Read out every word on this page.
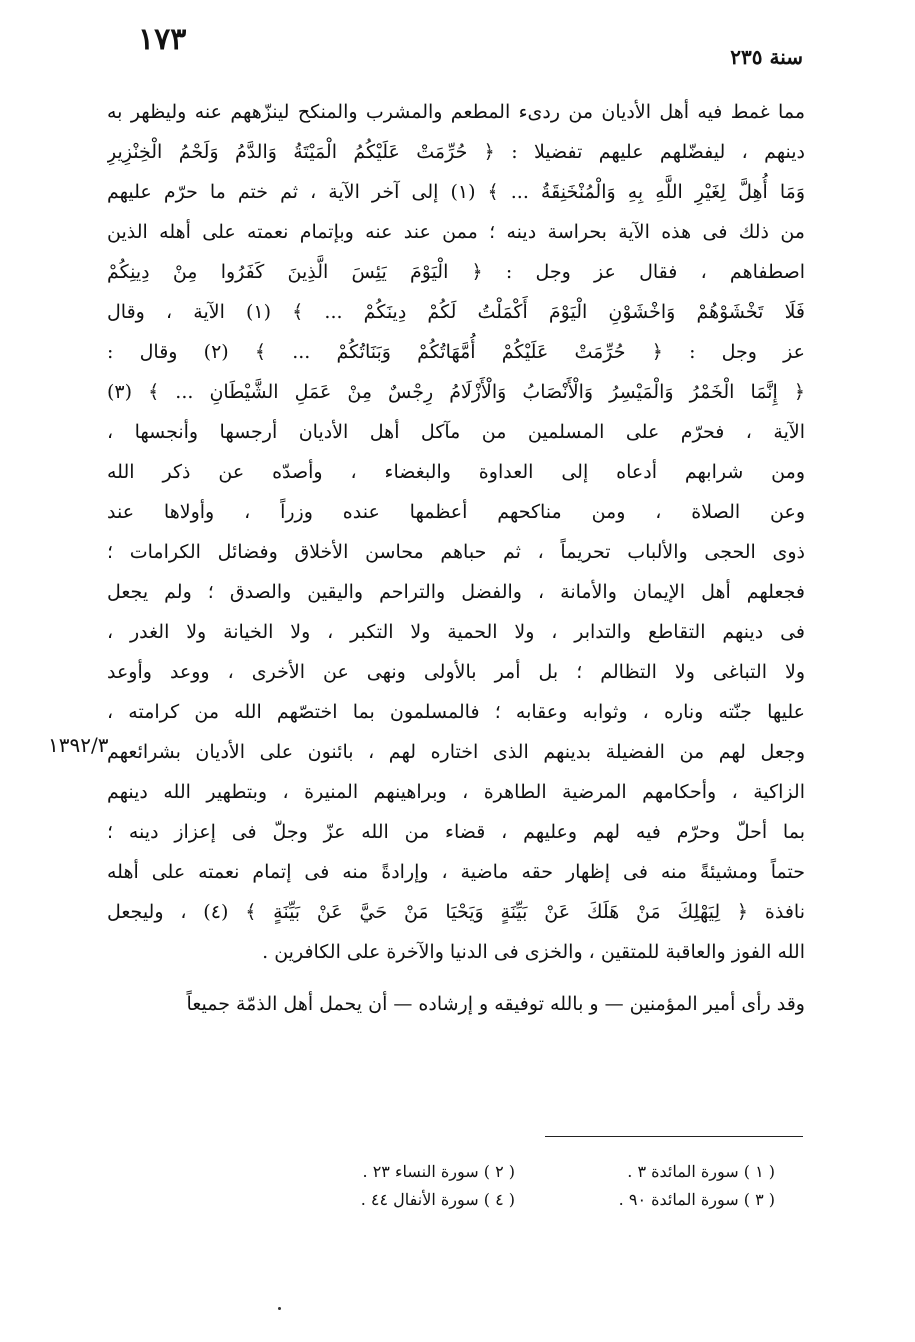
١٧٣	سنة ٢٣٥
١٣٩٢/٣
مما غمط فيه أهل الأديان من ردىء المطعم والمشرب والمنكح لينزّههم عنه وليظهر به
دينهم ، ليفضّلهم عليهم تفضيلا : ﴿ حُرِّمَتْ عَلَيْكُمُ الْمَيْتَةُ وَالدَّمُ وَلَحْمُ الْخِنْزِيرِ
وَمَا أُهِلَّ لِغَيْرِ اللَّهِ بِهِ وَالْمُنْخَنِقَةُ ... ﴾ (١) إلى آخر الآية ، ثم ختم ما حرّم عليهم
من ذلك فى هذه الآية بحراسة دينه ؛ ممن عند عنه وبإتمام نعمته على أهله الذين
اصطفاهم ، فقال عز وجل : ﴿ الْيَوْمَ يَئِسَ الَّذِينَ كَفَرُوا مِنْ دِينِكُمْ
فَلَا تَخْشَوْهُمْ وَاخْشَوْنِ الْيَوْمَ أَكْمَلْتُ لَكُمْ دِينَكُمْ ... ﴾ (١) الآية ، وقال
عز وجل : ﴿ حُرِّمَتْ عَلَيْكُمْ أُمَّهَاتُكُمْ وَبَنَاتُكُمْ ... ﴾ (٢) وقال :
﴿ إِنَّمَا الْخَمْرُ وَالْمَيْسِرُ وَالْأَنْصَابُ وَالْأَزْلَامُ رِجْسٌ مِنْ عَمَلِ الشَّيْطَانِ ... ﴾ (٣)
الآية ، فحرّم على المسلمين من مآكل أهل الأديان أرجسها وأنجسها ،
ومن شرابهم أدعاه إلى العداوة والبغضاء ، وأصدّه عن ذكر الله
وعن الصلاة ، ومن مناكحهم أعظمها عنده وزراً ، وأولاها عند
ذوى الحجى والألباب تحريماً ، ثم حباهم محاسن الأخلاق وفضائل الكرامات ؛
فجعلهم أهل الإيمان والأمانة ، والفضل والتراحم واليقين والصدق ؛ ولم يجعل
فى دينهم التقاطع والتدابر ، ولا الحمية ولا التكبر ، ولا الخيانة ولا الغدر ،
ولا التباغى ولا التظالم ؛ بل أمر بالأولى ونهى عن الأخرى ، ووعد وأوعد
عليها جنّته وناره ، وثوابه وعقابه ؛ فالمسلمون بما اختصّهم الله من كرامته ،
وجعل لهم من الفضيلة بدينهم الذى اختاره لهم ، بائنون على الأديان بشرائعهم
الزاكية ، وأحكامهم المرضية الطاهرة ، وبراهينهم المنيرة ، وبتطهير الله دينهم
بما أحلّ وحرّم فيه لهم وعليهم ، قضاء من الله عزّ وجلّ فى إعزاز دينه ؛
حتماً ومشيئةً منه فى إظهار حقه ماضية ، وإرادةً منه فى إتمام نعمته على أهله
نافذة ﴿ لِيَهْلِكَ مَنْ هَلَكَ عَنْ بَيِّنَةٍ وَيَحْيَا مَنْ حَيَّ عَنْ بَيِّنَةٍ ﴾ (٤) ، وليجعل
الله الفوز والعاقبة للمتقين ، والخزى فى الدنيا والآخرة على الكافرين .
وقد رأى أمير المؤمنين — و بالله توفيقه و إرشاده — أن يحمل أهل الذمّة جميعاً
( ١ ) سورة المائدة ٣ .
( ٢ ) سورة النساء ٢٣ .
( ٣ ) سورة المائدة ٩٠ .
( ٤ ) سورة الأنفال ٤٤ .
